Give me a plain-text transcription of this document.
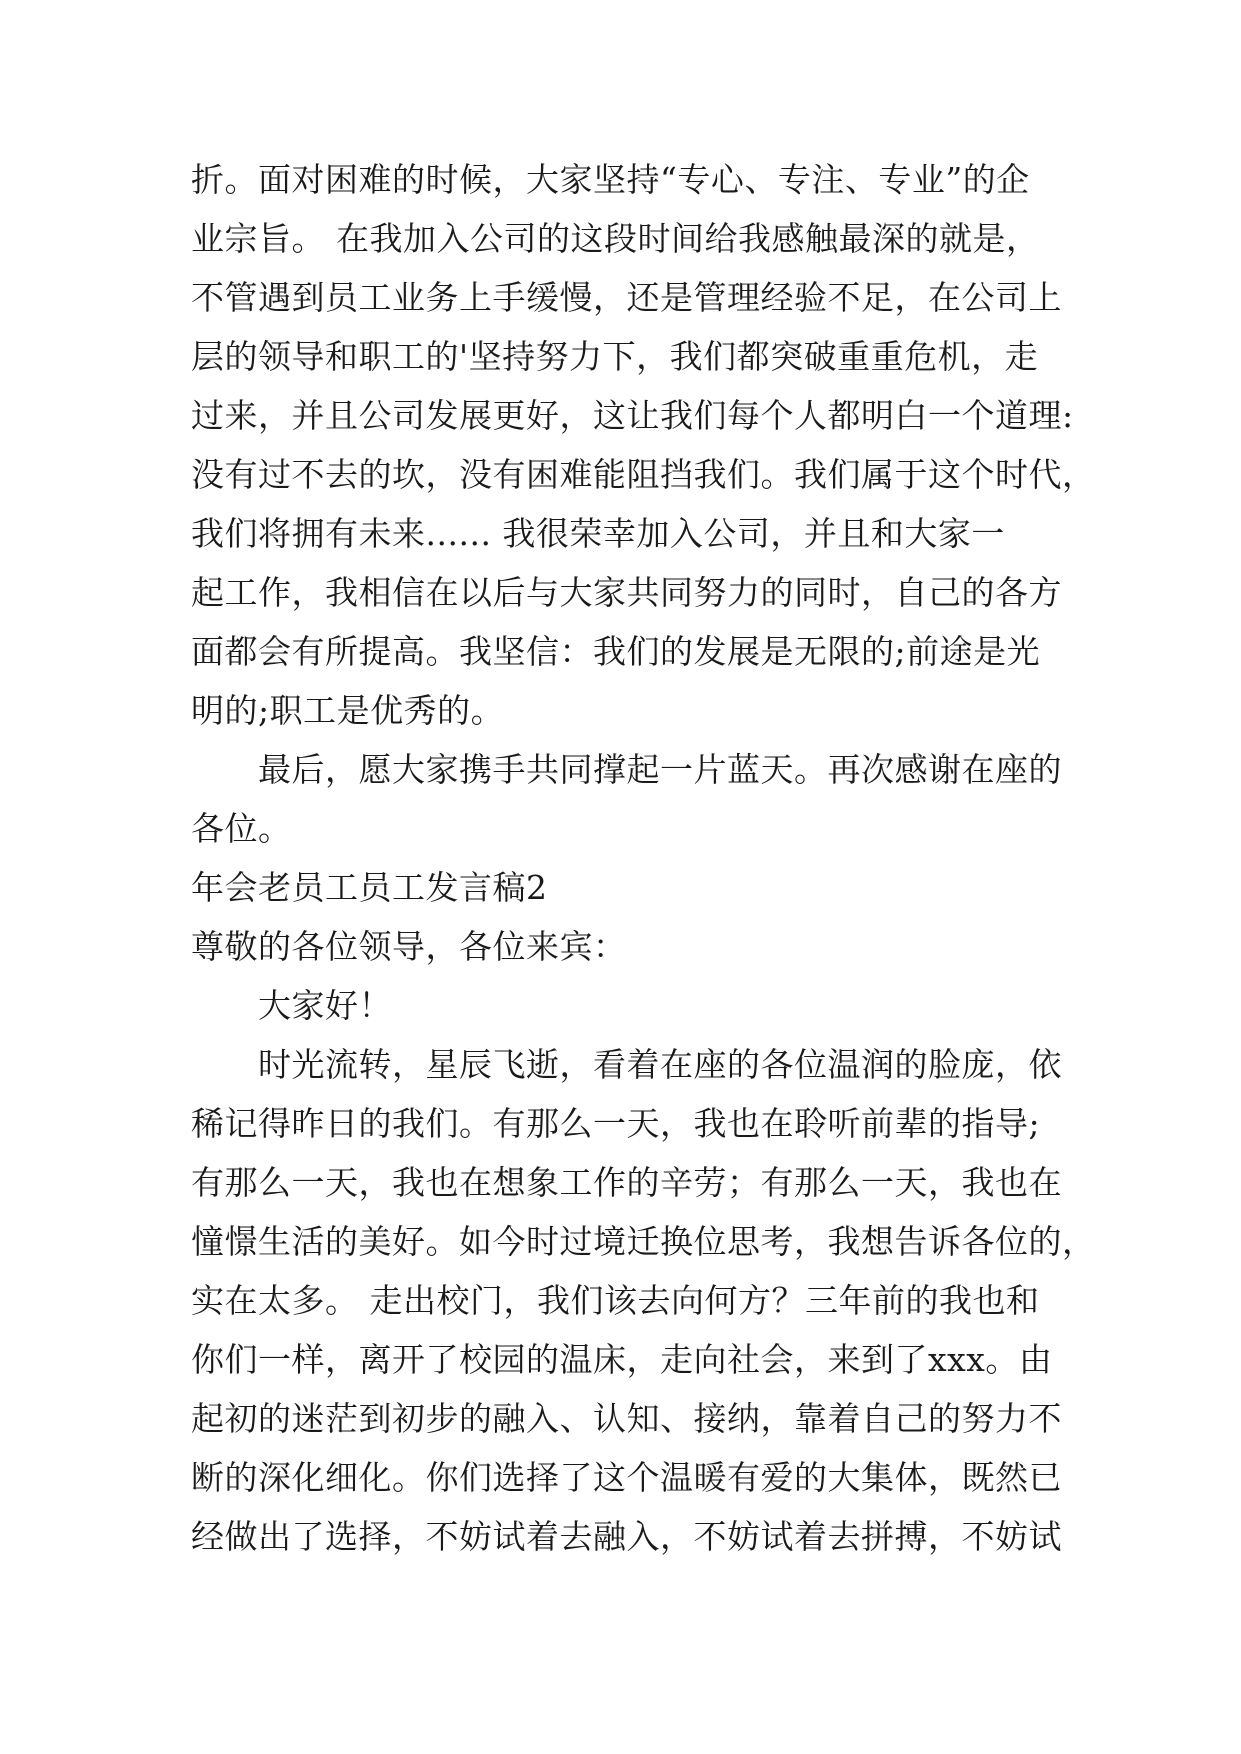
折。面对困难的时候，大家坚持“专心、专注、专业”的企
业宗旨。 在我加入公司的这段时间给我感触最深的就是，
不管遇到员工业务上手缓慢，还是管理经验不足，在公司上
层的领导和职工的'坚持努力下，我们都突破重重危机，走
过来，并且公司发展更好，这让我们每个人都明白一个道理:
没有过不去的坎，没有困难能阻挡我们。我们属于这个时代，
我们将拥有未来...... 我很荣幸加入公司，并且和大家一
起工作，我相信在以后与大家共同努力的同时，自己的各方
面都会有所提高。我坚信：我们的发展是无限的;前途是光
明的;职工是优秀的。
最后，愿大家携手共同撑起一片蓝天。再次感谢在座的
各位。
年会老员工员工发言稿2
尊敬的各位领导，各位来宾：
大家好！
时光流转，星辰飞逝，看着在座的各位温润的脸庞，依
稀记得昨日的我们。有那么一天，我也在聆听前辈的指导;
有那么一天，我也在想象工作的辛劳；有那么一天，我也在
憧憬生活的美好。如今时过境迁换位思考，我想告诉各位的，
实在太多。 走出校门，我们该去向何方？三年前的我也和
你们一样，离开了校园的温床，走向社会，来到了xxx。由
起初的迷茫到初步的融入、认知、接纳，靠着自己的努力不
断的深化细化。你们选择了这个温暖有爱的大集体，既然已
经做出了选择，不妨试着去融入，不妨试着去拼搏，不妨试
